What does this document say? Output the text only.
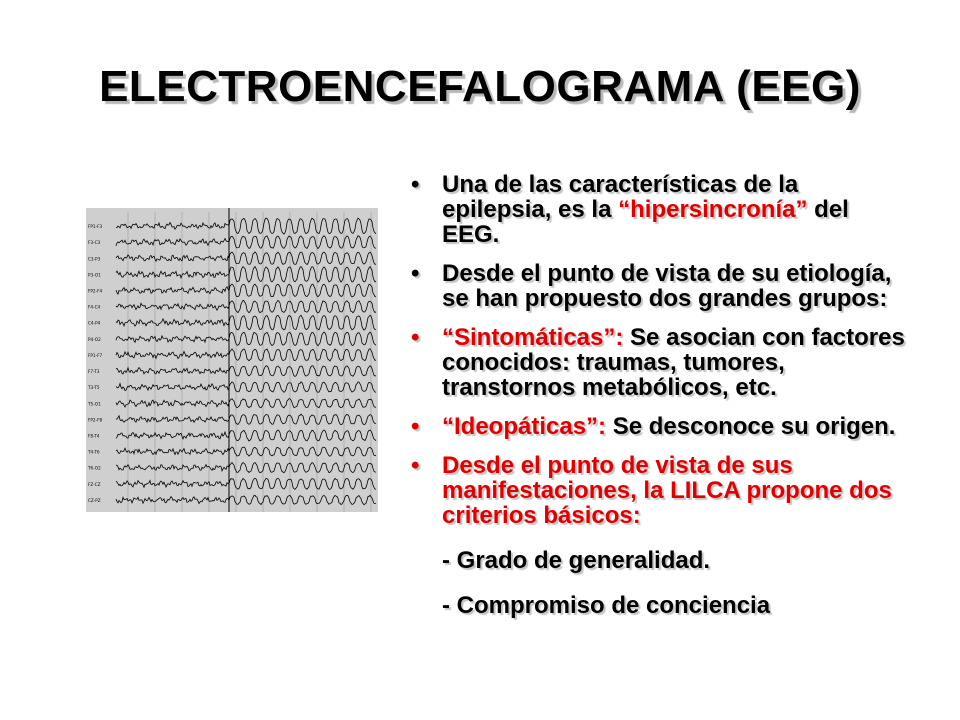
ELECTROENCEFALOGRAMA (EEG)
FP1-F3
F3-C3
C3-P3
P3-O1
FP2-F4
F4-C4
C4-P4
P4-O2
FP1-F7
F7-T3
T3-T5
T5-O1
FP2-F8
F8-T4
T4-T6
T6-O2
FZ-CZ
CZ-PZ
• Una de las características de la epilepsia, es la “hipersincronía” del EEG.
• Desde el punto de vista de su etiología, se han propuesto dos grandes grupos:
• “Sintomáticas”: Se asocian con factores conocidos: traumas, tumores, transtornos metabólicos, etc.
• “Ideopáticas”: Se desconoce su origen.
• Desde el punto de vista de sus manifestaciones, la LILCA propone dos criterios básicos:
- Grado de generalidad.
- Compromiso de conciencia
